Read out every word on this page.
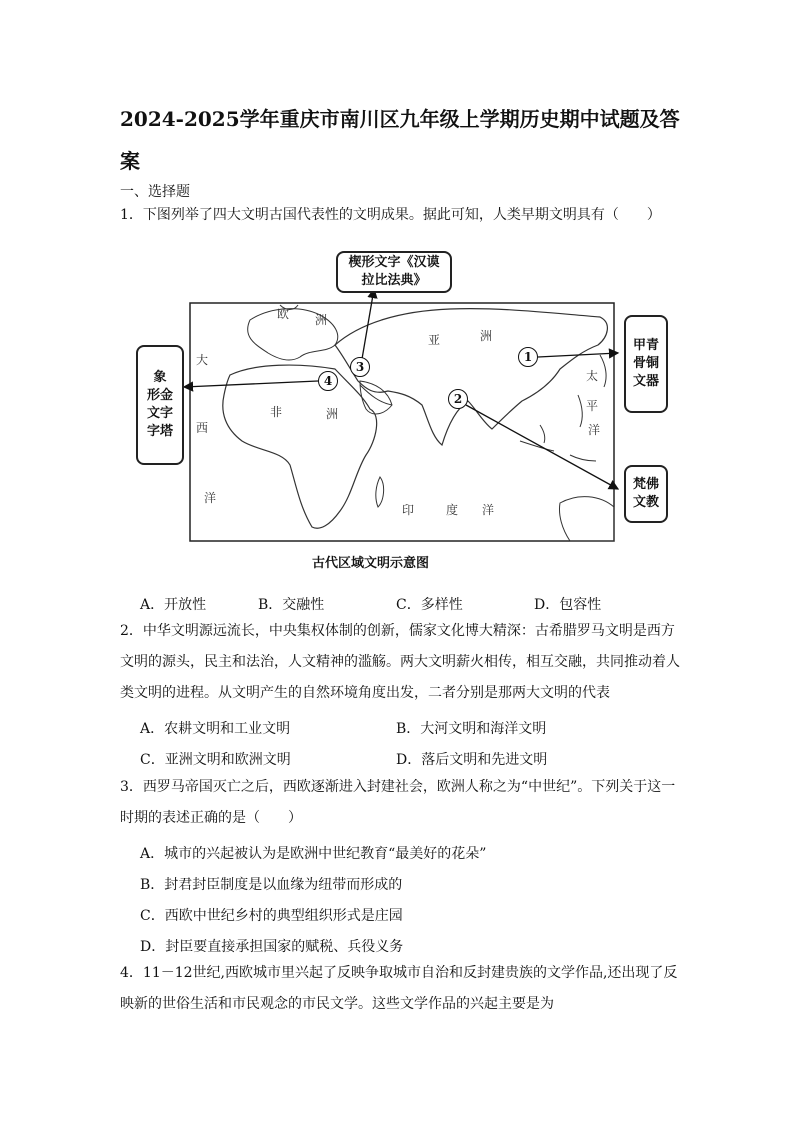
2024-2025学年重庆市南川区九年级上学期历史期中试题及答案
一、选择题
1．下图列举了四大文明古国代表性的文明成果。据此可知，人类早期文明具有（　　）
欧 洲
亚	洲
非	洲
大
西
洋
太
平
洋
印	度 洋
1
2
3
4
楔形文字《汉谟拉比法典》
象
形金
文字
字塔
甲青
骨铜
文器
梵佛
文教
古代区域文明示意图
A．开放性	B．交融性	C．多样性	D．包容性
2．中华文明源远流长，中央集权体制的创新，儒家文化博大精深：古希腊罗马文明是西方文明的源头，民主和法治，人文精神的滥觞。两大文明薪火相传，相互交融，共同推动着人类文明的进程。从文明产生的自然环境角度出发，二者分别是那两大文明的代表
A．农耕文明和工业文明	B．大河文明和海洋文明
C．亚洲文明和欧洲文明	D．落后文明和先进文明
3．西罗马帝国灭亡之后，西欧逐渐进入封建社会，欧洲人称之为“中世纪”。下列关于这一时期的表述正确的是（　　）
A．城市的兴起被认为是欧洲中世纪教育“最美好的花朵”
B．封君封臣制度是以血缘为纽带而形成的
C．西欧中世纪乡村的典型组织形式是庄园
D．封臣要直接承担国家的赋税、兵役义务
4．11－12世纪,西欧城市里兴起了反映争取城市自治和反封建贵族的文学作品,还出现了反映新的世俗生活和市民观念的市民文学。这些文学作品的兴起主要是为
